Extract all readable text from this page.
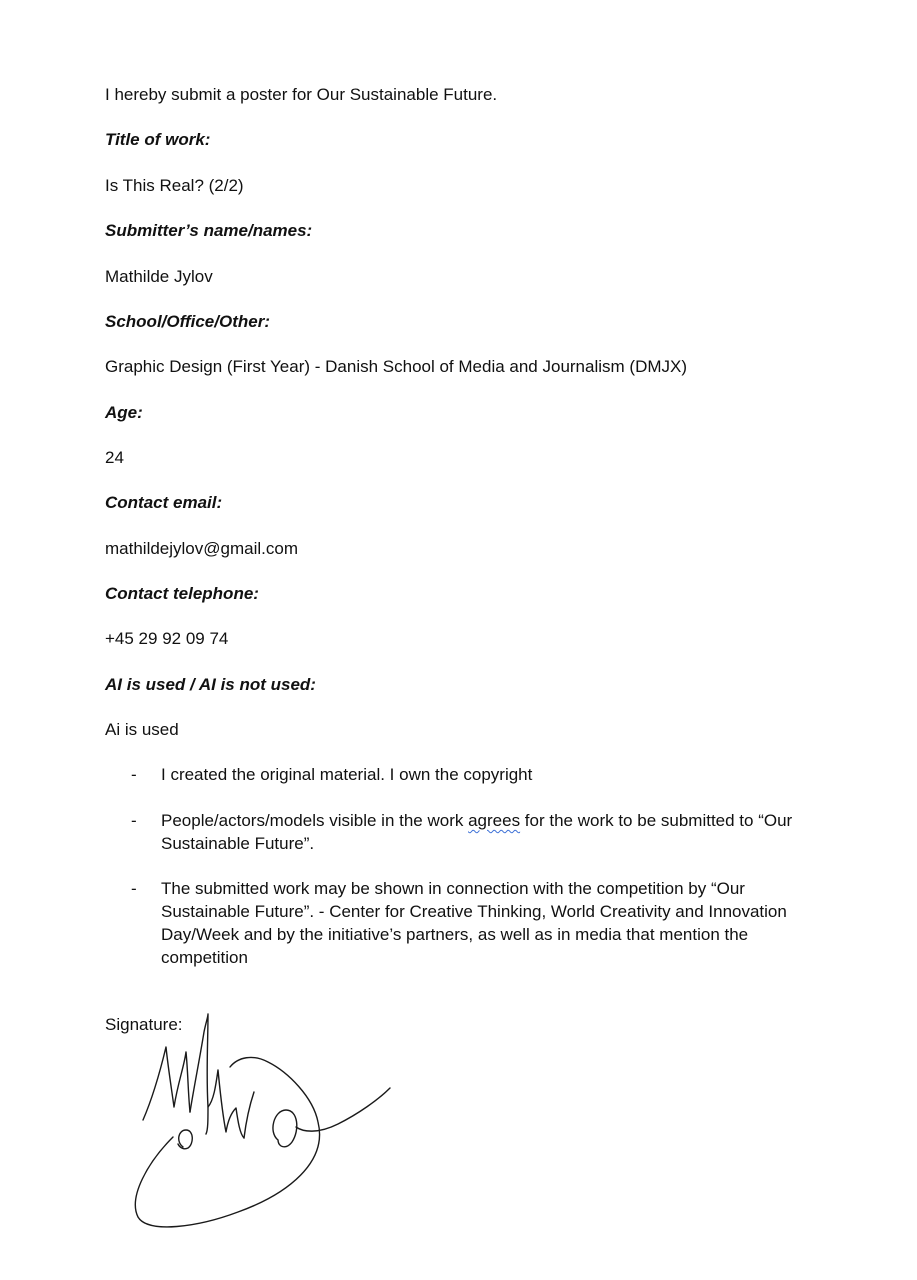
I hereby submit a poster for Our Sustainable Future.
Title of work:
Is This Real? (2/2)
Submitter’s name/names:
Mathilde Jylov
School/Office/Other:
Graphic Design (First Year) - Danish School of Media and Journalism (DMJX)
Age:
24
Contact email:
mathildejylov@gmail.com
Contact telephone:
+45 29 92 09 74
AI is used / AI is not used:
Ai is used
- I created the original material. I own the copyright
- People/actors/models visible in the work agrees for the work to be submitted to “Our Sustainable Future”.
- The submitted work may be shown in connection with the competition by “Our Sustainable Future”. - Center for Creative Thinking, World Creativity and Innovation Day/Week and by the initiative’s partners, as well as in media that mention the competition
Signature:
